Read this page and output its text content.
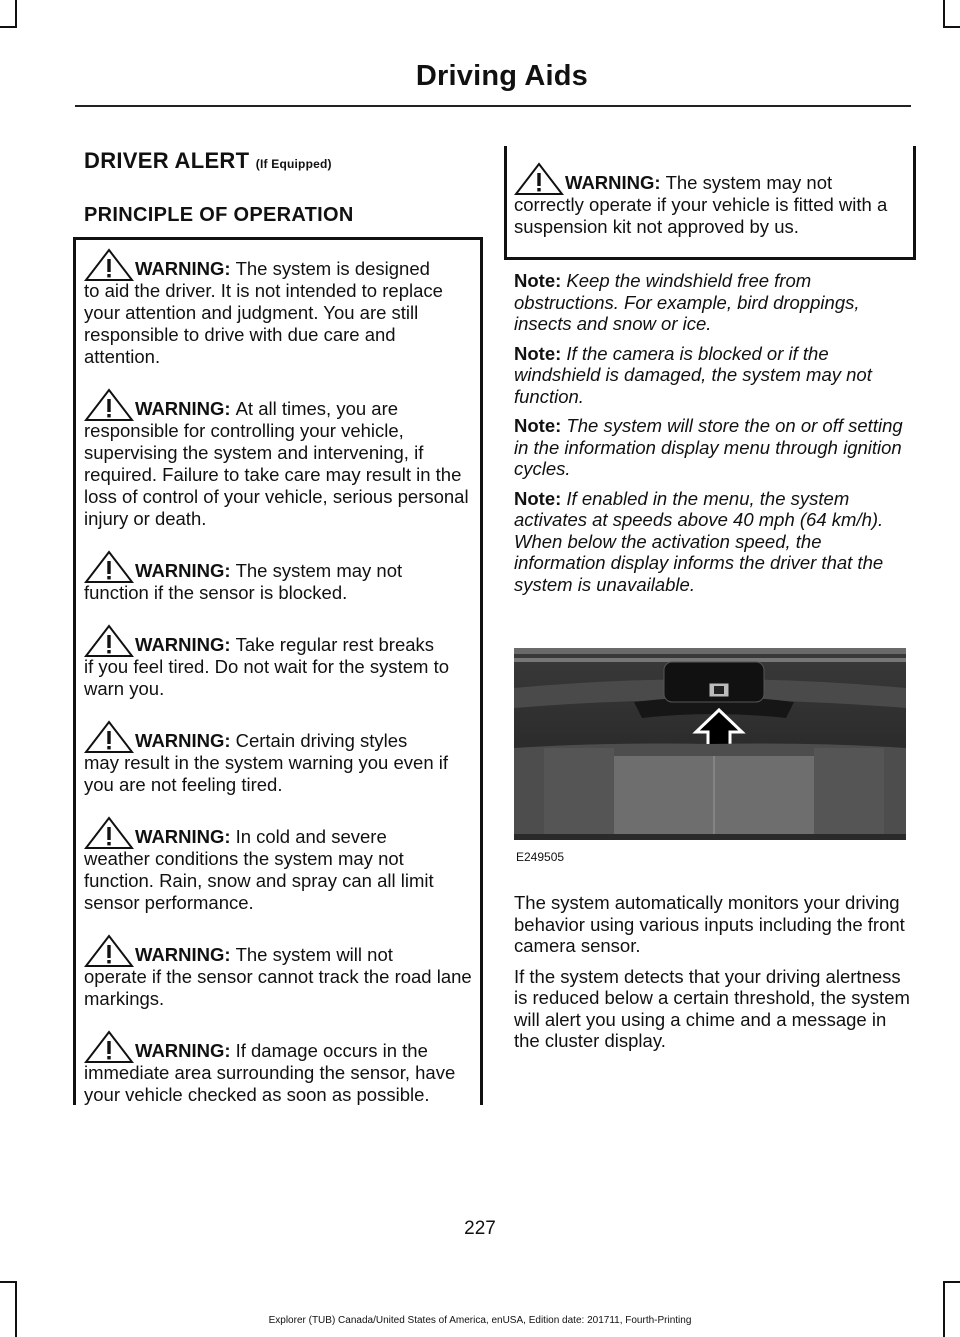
Driving Aids
DRIVER ALERT (If Equipped)
PRINCIPLE OF OPERATION

WARNING: The system is designed
to aid the driver. It is not intended to replace your attention and judgment. You are still responsible to drive with due care and attention.

WARNING: At all times, you are
responsible for controlling your vehicle, supervising the system and intervening, if required. Failure to take care may result in the loss of control of your vehicle, serious personal injury or death.

WARNING: The system may not
function if the sensor is blocked.

WARNING: Take regular rest breaks
if you feel tired. Do not wait for the system to warn you.

WARNING: Certain driving styles
may result in the system warning you even if you are not feeling tired.

WARNING: In cold and severe
weather conditions the system may not function. Rain, snow and spray can all limit sensor performance.

WARNING: The system will not
operate if the sensor cannot track the road lane markings.

WARNING: If damage occurs in the
immediate area surrounding the sensor, have your vehicle checked as soon as possible.

WARNING: The system may not
correctly operate if your vehicle is fitted with a suspension kit not approved by us.

Note: Keep the windshield free from obstructions. For example, bird droppings, insects and snow or ice.

Note: If the camera is blocked or if the windshield is damaged, the system may not function.

Note: The system will store the on or off setting in the information display menu through ignition cycles.

Note: If enabled in the menu, the system activates at speeds above 40 mph (64 km/h). When below the activation speed, the information display informs the driver that the system is unavailable.

E249505

The system automatically monitors your driving behavior using various inputs including the front camera sensor.

If the system detects that your driving alertness is reduced below a certain threshold, the system will alert you using a chime and a message in the cluster display.

227
Explorer (TUB) Canada/United States of America, enUSA, Edition date: 201711, Fourth-Printing
